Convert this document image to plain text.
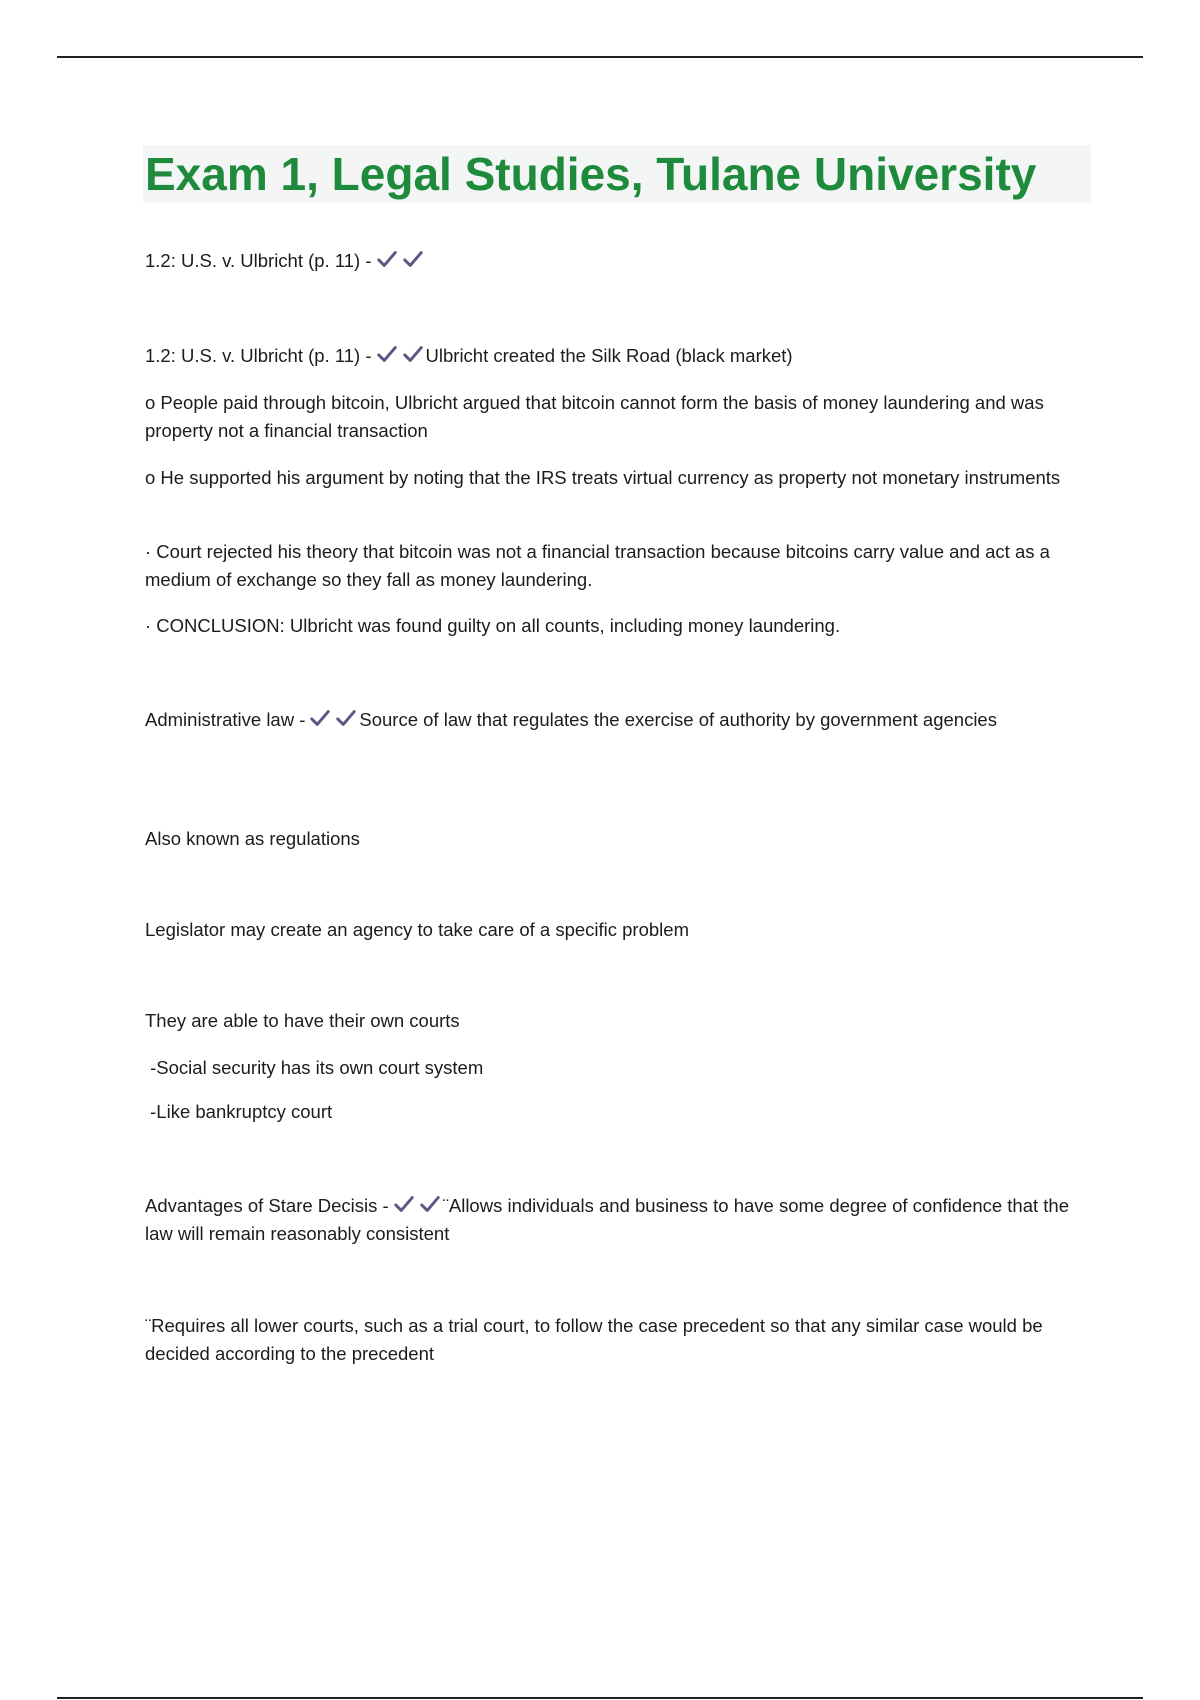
Exam 1, Legal Studies, Tulane University

1.2: U.S. v. Ulbricht (p. 11) -

1.2: U.S. v. Ulbricht (p. 11) -	Ulbricht created the Silk Road (black market)

o People paid through bitcoin, Ulbricht argued that bitcoin cannot form the basis of money laundering and was property not a financial transaction

o He supported his argument by noting that the IRS treats virtual currency as property not monetary instruments

· Court rejected his theory that bitcoin was not a financial transaction because bitcoins carry value and act as a medium of exchange so they fall as money laundering.

· CONCLUSION: Ulbricht was found guilty on all counts, including money laundering.

Administrative law -	Source of law that regulates the exercise of authority by government agencies

Also known as regulations

Legislator may create an agency to take care of a specific problem

They are able to have their own courts

-Social security has its own court system

-Like bankruptcy court

Advantages of Stare Decisis -	¨Allows individuals and business to have some degree of confidence that the law will remain reasonably consistent

¨Requires all lower courts, such as a trial court, to follow the case precedent so that any similar case would be decided according to the precedent
